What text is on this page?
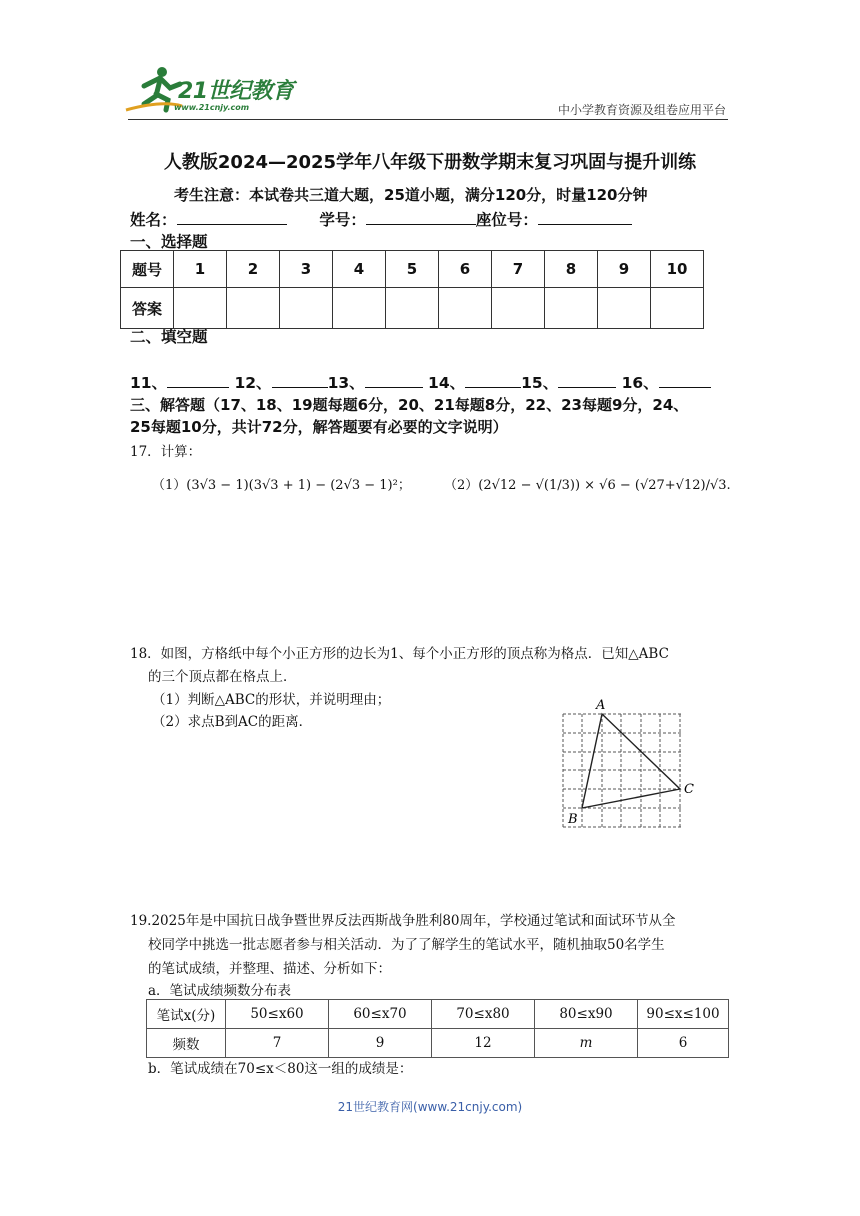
21世纪教育
www.21cnjy.com	中小学教育资源及组卷应用平台
人教版2024—2025学年八年级下册数学期末复习巩固与提升训练
考生注意：本试卷共三道大题，25道小题，满分120分，时量120分钟
姓名：	学号：	座位号：
一、选择题
题号	1	2	3	4	5	6	7	8	9	10
答案										
二、填空题
11、	12、	13、	14、	15、	16、
三、解答题（17、18、19题每题6分，20、21每题8分，22、23每题9分，24、
25每题10分，共计72分，解答题要有必要的文字说明）
17．计算：
（1）(3√3 − 1)(3√3 + 1) − (2√3 − 1)²；	（2）(2√12 − √(1/3)) × √6 − (√27+√12)/√3.
18．如图，方格纸中每个小正方形的边长为1、每个小正方形的顶点称为格点．已知△ABC
的三个顶点都在格点上．
（1）判断△ABC的形状，并说明理由；
（2）求点B到AC的距离．
A
B
C
19.2025年是中国抗日战争暨世界反法西斯战争胜利80周年，学校通过笔试和面试环节从全
校同学中挑选一批志愿者参与相关活动．为了了解学生的笔试水平，随机抽取50名学生
的笔试成绩，并整理、描述、分析如下：
a．笔试成绩频数分布表
笔试x(分)	50≤x60	60≤x70	70≤x80	80≤x90	90≤x≤100
频数	7	9	12	m	6
b．笔试成绩在70≤x＜80这一组的成绩是：
21世纪教育网(www.21cnjy.com)
